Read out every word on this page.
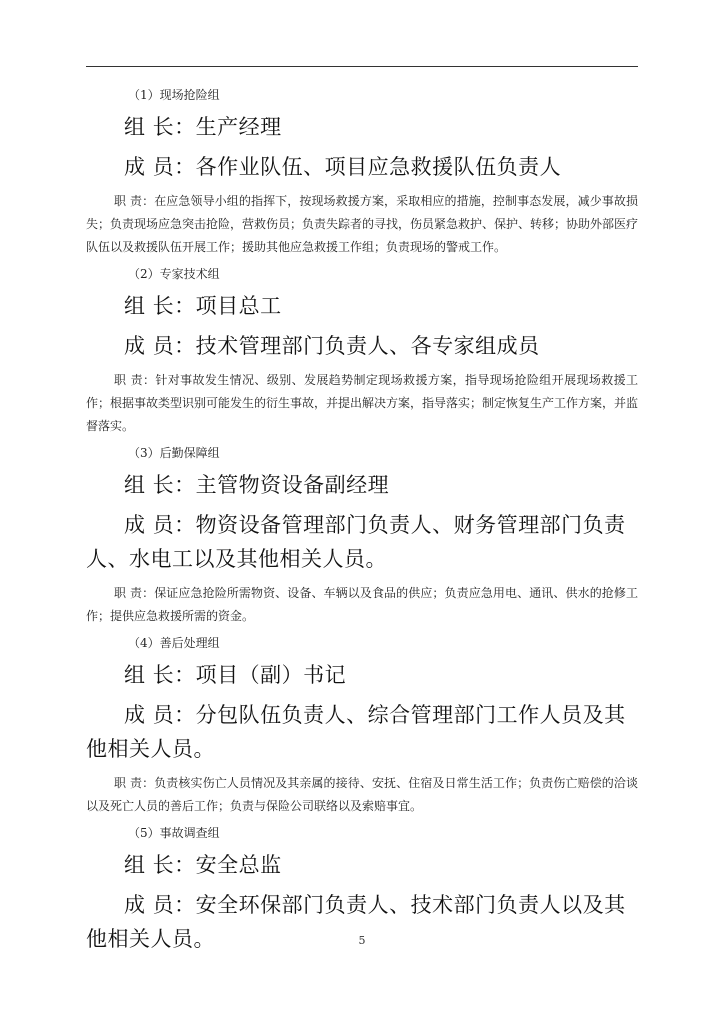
（1）现场抢险组
组 长：生产经理
成 员：各作业队伍、项目应急救援队伍负责人

职 责：在应急领导小组的指挥下，按现场救援方案，采取相应的措施，控制事态发展，减少事故损失；负责现场应急突击抢险，营救伤员；负责失踪者的寻找，伤员紧急救护、保护、转移；协助外部医疗队伍以及救援队伍开展工作；援助其他应急救援工作组；负责现场的警戒工作。

（2）专家技术组
组 长：项目总工
成 员：技术管理部门负责人、各专家组成员

职 责：针对事故发生情况、级别、发展趋势制定现场救援方案，指导现场抢险组开展现场救援工作；根据事故类型识别可能发生的衍生事故，并提出解决方案，指导落实；制定恢复生产工作方案，并监督落实。

（3）后勤保障组
组 长：主管物资设备副经理
成 员：物资设备管理部门负责人、财务管理部门负责人、水电工以及其他相关人员。

职 责：保证应急抢险所需物资、设备、车辆以及食品的供应；负责应急用电、通讯、供水的抢修工作；提供应急救援所需的资金。

（4）善后处理组
组 长：项目（副）书记
成 员：分包队伍负责人、综合管理部门工作人员及其他相关人员。

职 责：负责核实伤亡人员情况及其亲属的接待、安抚、住宿及日常生活工作；负责伤亡赔偿的洽谈以及死亡人员的善后工作；负责与保险公司联络以及索赔事宜。

（5）事故调查组
组 长：安全总监
成 员：安全环保部门负责人、技术部门负责人以及其他相关人员。	5
